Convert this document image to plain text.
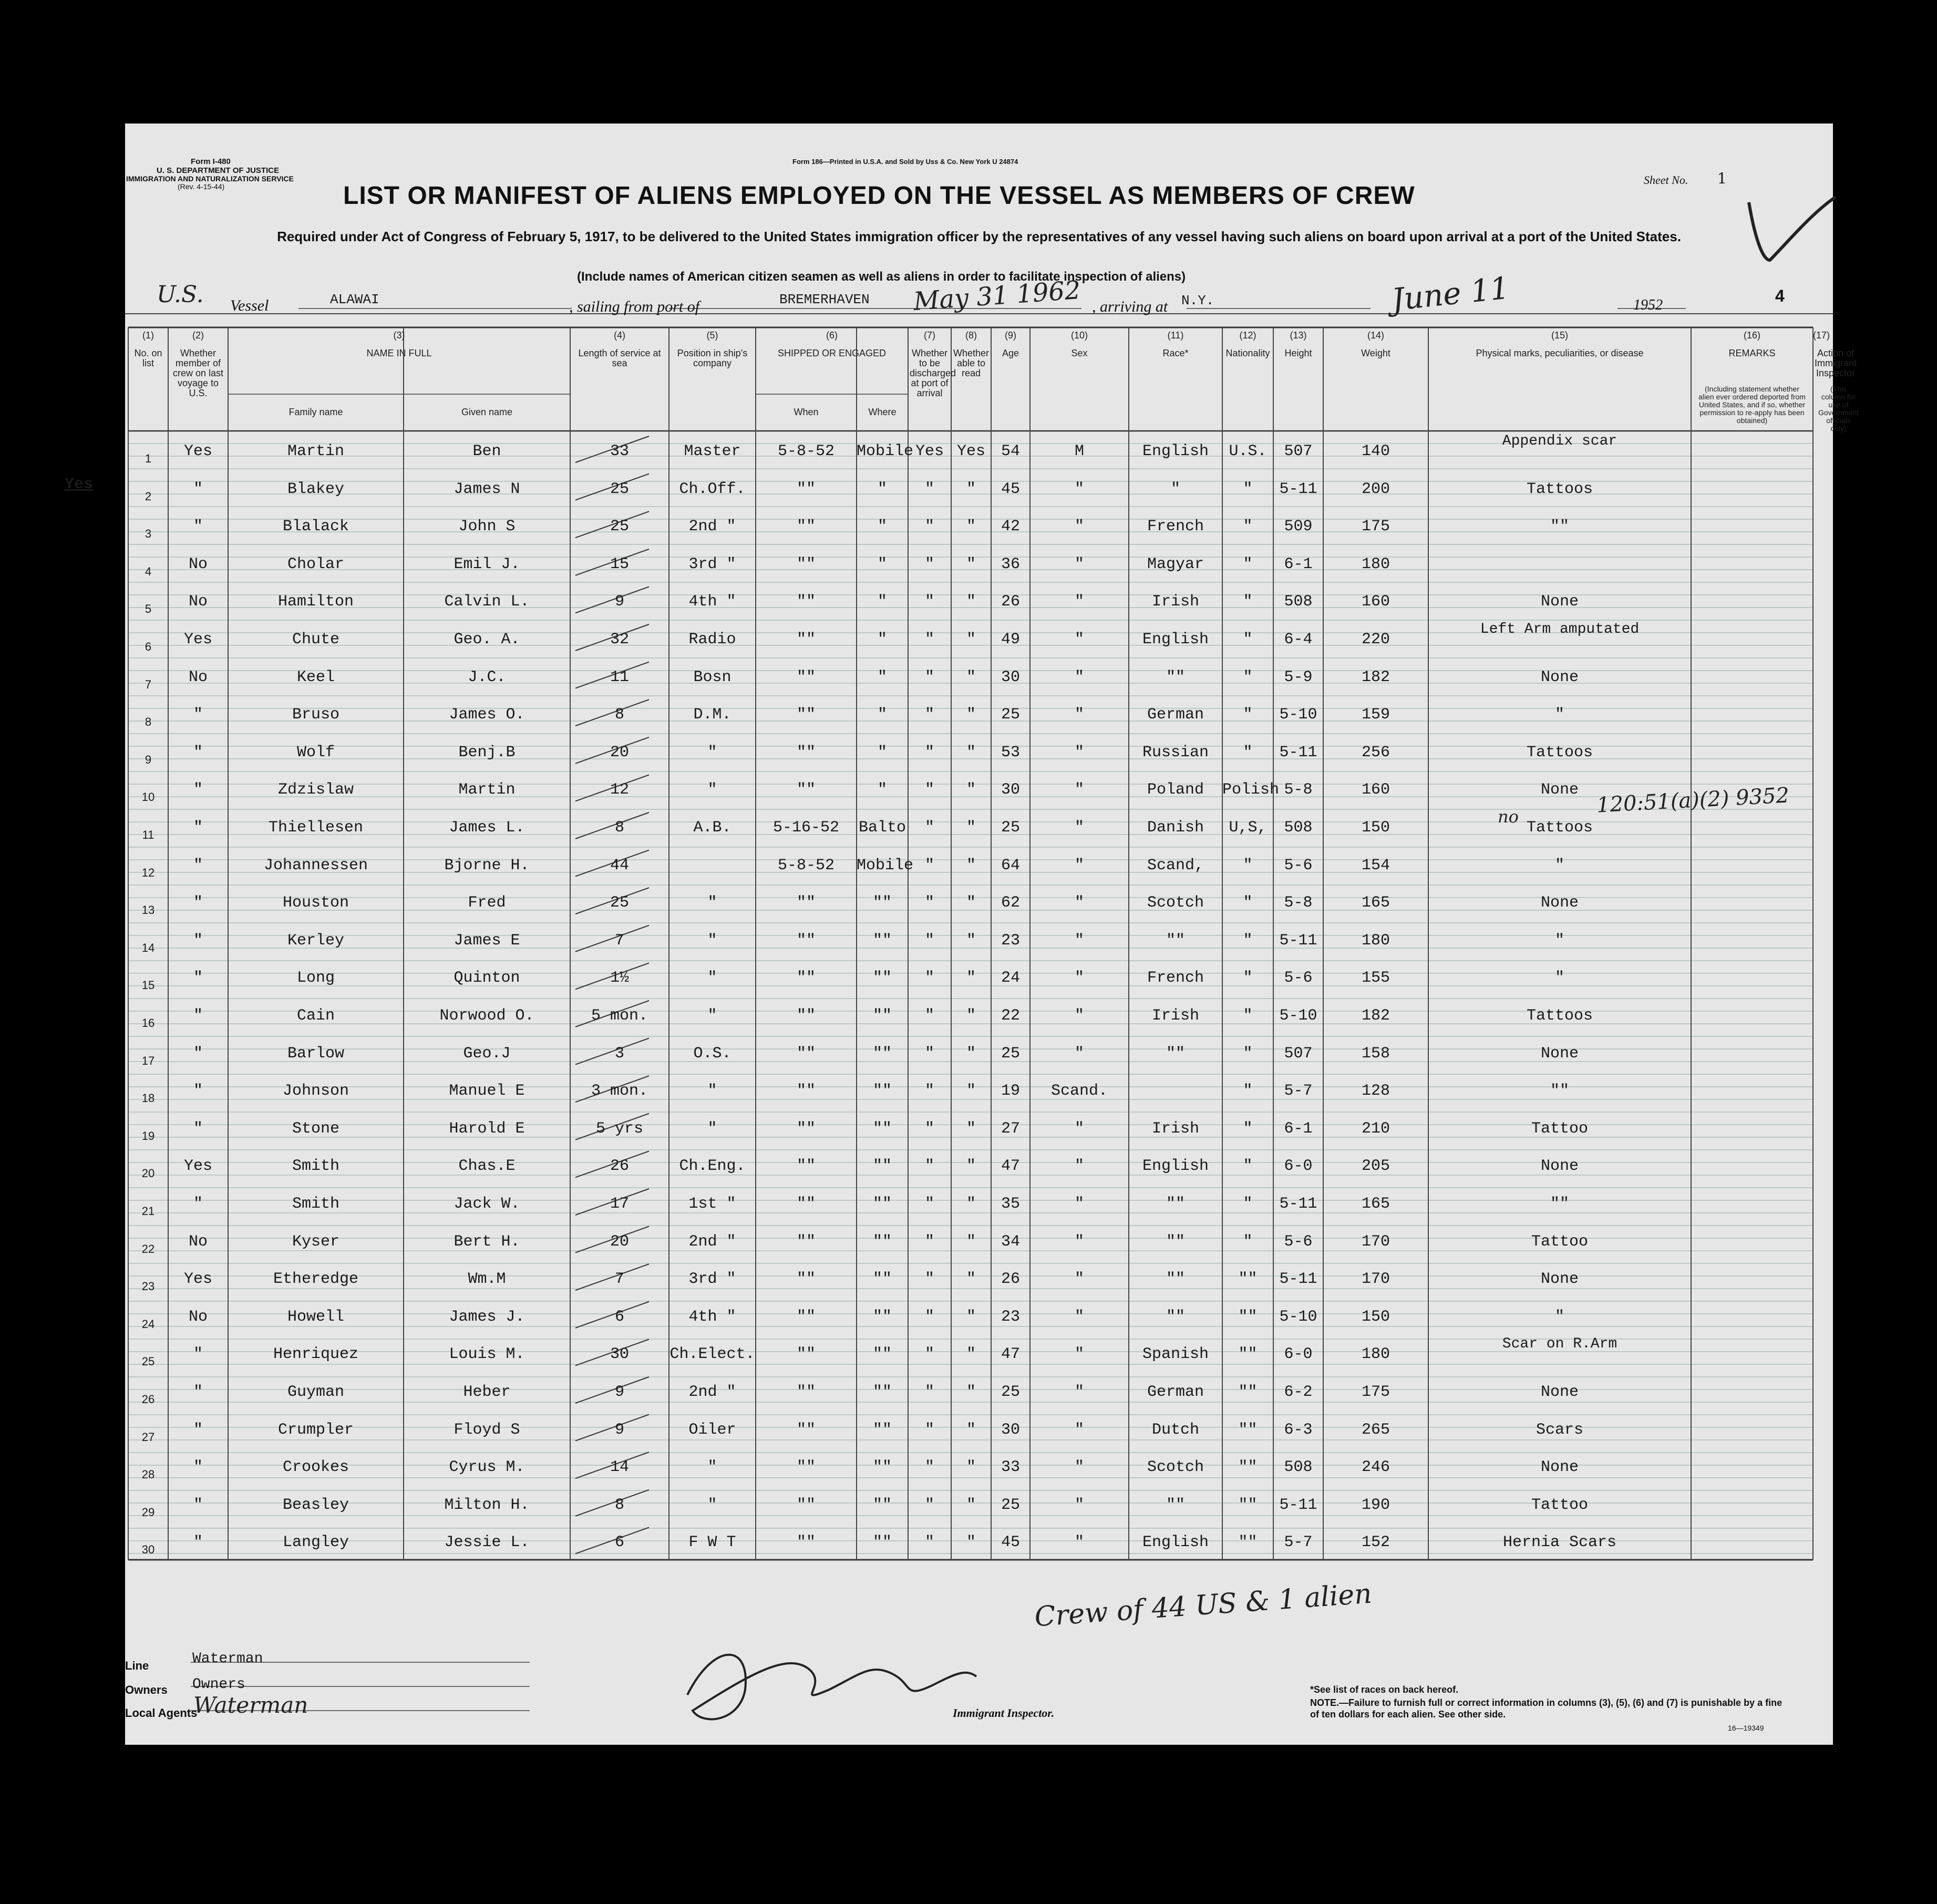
Form I-480
U. S. DEPARTMENT OF JUSTICE
IMMIGRATION AND NATURALIZATION SERVICE
(Rev. 4-15-44)
Form 186—Printed in U.S.A. and Sold by Uss & Co. New York U 24874
Sheet No. 1
LIST OR MANIFEST OF ALIENS EMPLOYED ON THE VESSEL AS MEMBERS OF CREW
Required under Act of Congress of February 5, 1917, to be delivered to the United States immigration officer by the representatives of any vessel having such aliens on board upon arrival at a port of the United States.
(Include names of American citizen seamen as well as aliens in order to facilitate inspection of aliens)
U.S. Vessel	ALAWAI	, sailing from port of	BREMERHAVEN May 31 1962 , arriving at N.Y.	June 11	1952	4
(1)
No. on list
(2)
Whether member of crew on last voyage to U.S.
(3)
NAME IN FULL
(4)
Length of service at sea
(5)
Position in ship's company
(6)
SHIPPED OR ENGAGED
(7)
Whether to be discharged at port of arrival
(8)
Whether able to read
(9)
Age
(10)
Sex
(11)
Race*
(12)
Nationality
(13)
Height
(14)
Weight
(15)
Physical marks, peculiarities, or disease
(16)
REMARKS
(17)
Action of Immigrant Inspector
Family name	Given name	When	Where
(Including statement whether alien ever ordered deported from United States, and if so, whether permission to re-apply has been obtained)
(This column for use of Government officials only)
1	Yes	Martin	Ben	33	Master	5-8-52	Mobile Yes Yes 54	M	English	U.S.	507	140
Appendix scar
2	"	Blakey	James N	25	Ch.Off.	""	"	"	"	45	"	"	"	5-11	200	Tattoos
3	"	Blalack	John S	25	2nd "	""	"	"	"	42	"	French	"	509	175	""
4	No	Cholar	Emil J.	15	3rd "	""	"	"	"	36	"	Magyar	"	6-1	180
5	No	Hamilton	Calvin L.	9	4th "	""	"	"	"	26	"	Irish	"	508	160	None
6	Yes	Chute	Geo. A.	32	Radio	""	"	"	"	49	"	English	"	6-4	220
Left Arm amputated
7	No	Keel	J.C.	11	Bosn	""	"	"	"	30	"	""	"	5-9	182	None
8	"	Bruso	James O.	8	D.M.	""	"	"	"	25	"	German	"	5-10	159	"
9	"	Wolf	Benj.B	20	"	""	"	"	"	53	"	Russian	"	5-11	256	Tattoos
10	"	Zdzislaw	Martin	12	"	""	"	"	"	30	"	Poland	Polish 5-8	160	None
11	"	Thiellesen	James L.	8	A.B.	5-16-52	Balto	"	"	25	"	Danish	U,S,	508	150	Tattoos
12	"	Johannessen	Bjorne H.	44	5-8-52	Mobile "	"	64	"	Scand,	"	5-6	154	"
13	"	Houston	Fred	25	"	""	""	"	"	62	"	Scotch	"	5-8	165	None
14	"	Kerley	James E	7	"	""	""	"	"	23	"	""	"	5-11	180	"
15	"	Long	Quinton	1½	"	""	""	"	"	24	"	French	"	5-6	155	"
16	"	Cain	Norwood O.	5 mon.	"	""	""	"	"	22	"	Irish	"	5-10	182	Tattoos
17	"	Barlow	Geo.J	3	O.S.	""	""	"	"	25	"	""	"	507	158	None
18	"	Johnson	Manuel E	3 mon.	"	""	""	"	"	19	Scand.	"	5-7	128	""
19	"	Stone	Harold E	5 yrs	"	""	""	"	"	27	"	Irish	"	6-1	210	Tattoo
20	Yes	Smith	Chas.E	26	Ch.Eng.	""	""	"	"	47	"	English	"	6-0	205	None
21	"	Smith	Jack W.	17	1st "	""	""	"	"	35	"	""	"	5-11	165	""
22	No	Kyser	Bert H.	20	2nd "	""	""	"	"	34	"	""	"	5-6	170	Tattoo
23	Yes	Etheredge	Wm.M	7	3rd "	""	""	"	"	26	"	""	""	5-11	170	None
24	No	Howell	James J.	6	4th "	""	""	"	"	23	"	""	""	5-10	150	"
25	"	Henriquez	Louis M.	30	Ch.Elect.	""	""	"	"	47	"	Spanish	""	6-0	180
Scar on R.Arm
26	"	Guyman	Heber	9	2nd "	""	""	"	"	25	"	German	""	6-2	175	None
27	"	Crumpler	Floyd S	9	Oiler	""	""	"	"	30	"	Dutch	""	6-3	265	Scars
28	"	Crookes	Cyrus M.	14	"	""	""	"	"	33	"	Scotch	""	508	246	None
29	"	Beasley	Milton H.	8	"	""	""	"	"	25	"	""	""	5-11	190	Tattoo
30	"	Langley	Jessie L.	6	F W T	""	""	"	"	45	"	English	""	5-7	152	Hernia Scars
Yes
no	120:51(a)(2) 9352
Crew of 44 US & 1 alien
Line	Waterman
Owners Owners
Local Agents
Waterman	Immigrant Inspector.
*See list of races on back hereof.
NOTE.—Failure to furnish full or correct information in columns (3), (5), (6) and (7) is punishable by a fine of ten dollars for each alien. See other side.
16—19349
